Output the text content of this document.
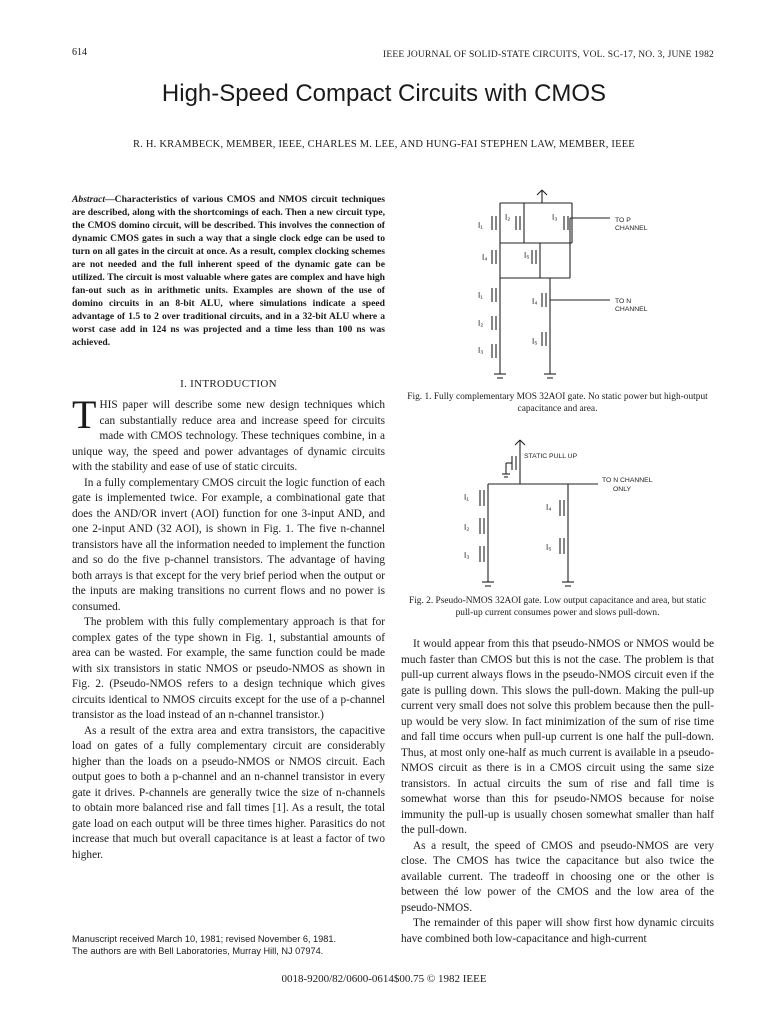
614	IEEE JOURNAL OF SOLID-STATE CIRCUITS, VOL. SC-17, NO. 3, JUNE 1982
High-Speed Compact Circuits with CMOS
R. H. KRAMBECK, MEMBER, IEEE, CHARLES M. LEE, AND HUNG-FAI STEPHEN LAW, MEMBER, IEEE
Abstract—Characteristics of various CMOS and NMOS circuit techniques are described, along with the shortcomings of each. Then a new circuit type, the CMOS domino circuit, will be described. This involves the connection of dynamic CMOS gates in such a way that a single clock edge can be used to turn on all gates in the circuit at once. As a result, complex clocking schemes are not needed and the full inherent speed of the dynamic gate can be utilized. The circuit is most valuable where gates are complex and have high fan-out such as in arithmetic units. Examples are shown of the use of domino circuits in an 8-bit ALU, where simulations indicate a speed advantage of 1.5 to 2 over traditional circuits, and in a 32-bit ALU where a worst case add in 124 ns was projected and a time less than 100 ns was achieved.
I. INTRODUCTION

THIS paper will describe some new design techniques which can substantially reduce area and increase speed for circuits made with CMOS technology. These techniques combine, in a unique way, the speed and power advantages of dynamic circuits with the stability and ease of use of static circuits.

In a fully complementary CMOS circuit the logic function of each gate is implemented twice. For example, a combinational gate that does the AND/OR invert (AOI) function for one 3-input AND, and one 2-input AND (32 AOI), is shown in Fig. 1. The five n-channel transistors have all the information needed to implement the function and so do the five p-channel transistors. The advantage of having both arrays is that except for the very brief period when the output or the inputs are making transitions no current flows and no power is consumed.

The problem with this fully complementary approach is that for complex gates of the type shown in Fig. 1, substantial amounts of area can be wasted. For example, the same function could be made with six transistors in static NMOS or pseudo-NMOS as shown in Fig. 2. (Pseudo-NMOS refers to a design technique which gives circuits identical to NMOS circuits except for the use of a p-channel transistor as the load instead of an n-channel transistor.)

As a result of the extra area and extra transistors, the capacitive load on gates of a fully complementary circuit are considerably higher than the loads on a pseudo-NMOS or NMOS circuit. Each output goes to both a p-channel and an n-channel transistor in every gate it drives. P-channels are generally twice the size of n-channels to obtain more balanced rise and fall times [1]. As a result, the total gate load on each output will be three times higher. Parasitics do not increase that much but overall capacitance is at least a factor of two higher.

Manuscript received March 10, 1981; revised November 6, 1981.
The authors are with Bell Laboratories, Murray Hill, NJ 07974.
I₁
I₂	I₃
I₄	I₅
I₁
I₂
I₃
I₄
I₅
TO P
CHANNEL
TO N
CHANNEL
Fig. 1. Fully complementary MOS 32AOI gate. No static power but high-output capacitance and area.
I₁
I₂
I₃
I₄
I₅
STATIC PULL UP
TO N CHANNEL
ONLY
Fig. 2. Pseudo-NMOS 32AOI gate. Low output capacitance and area, but static pull-up current consumes power and slows pull-down.

It would appear from this that pseudo-NMOS or NMOS would be much faster than CMOS but this is not the case. The problem is that pull-up current always flows in the pseudo-NMOS circuit even if the gate is pulling down. This slows the pull-down. Making the pull-up current very small does not solve this problem because then the pull-up would be very slow. In fact minimization of the sum of rise time and fall time occurs when pull-up current is one half the pull-down. Thus, at most only one-half as much current is available in a pseudo-NMOS circuit as there is in a CMOS circuit using the same size transistors. In actual circuits the sum of rise and fall time is somewhat worse than this for pseudo-NMOS because for noise immunity the pull-up is usually chosen somewhat smaller than half the pull-down.

As a result, the speed of CMOS and pseudo-NMOS are very close. The CMOS has twice the capacitance but also twice the available current. The tradeoff in choosing one or the other is between thé low power of the CMOS and the low area of the pseudo-NMOS.

The remainder of this paper will show first how dynamic circuits have combined both low-capacitance and high-current

0018-9200/82/0600-0614$00.75 © 1982 IEEE
